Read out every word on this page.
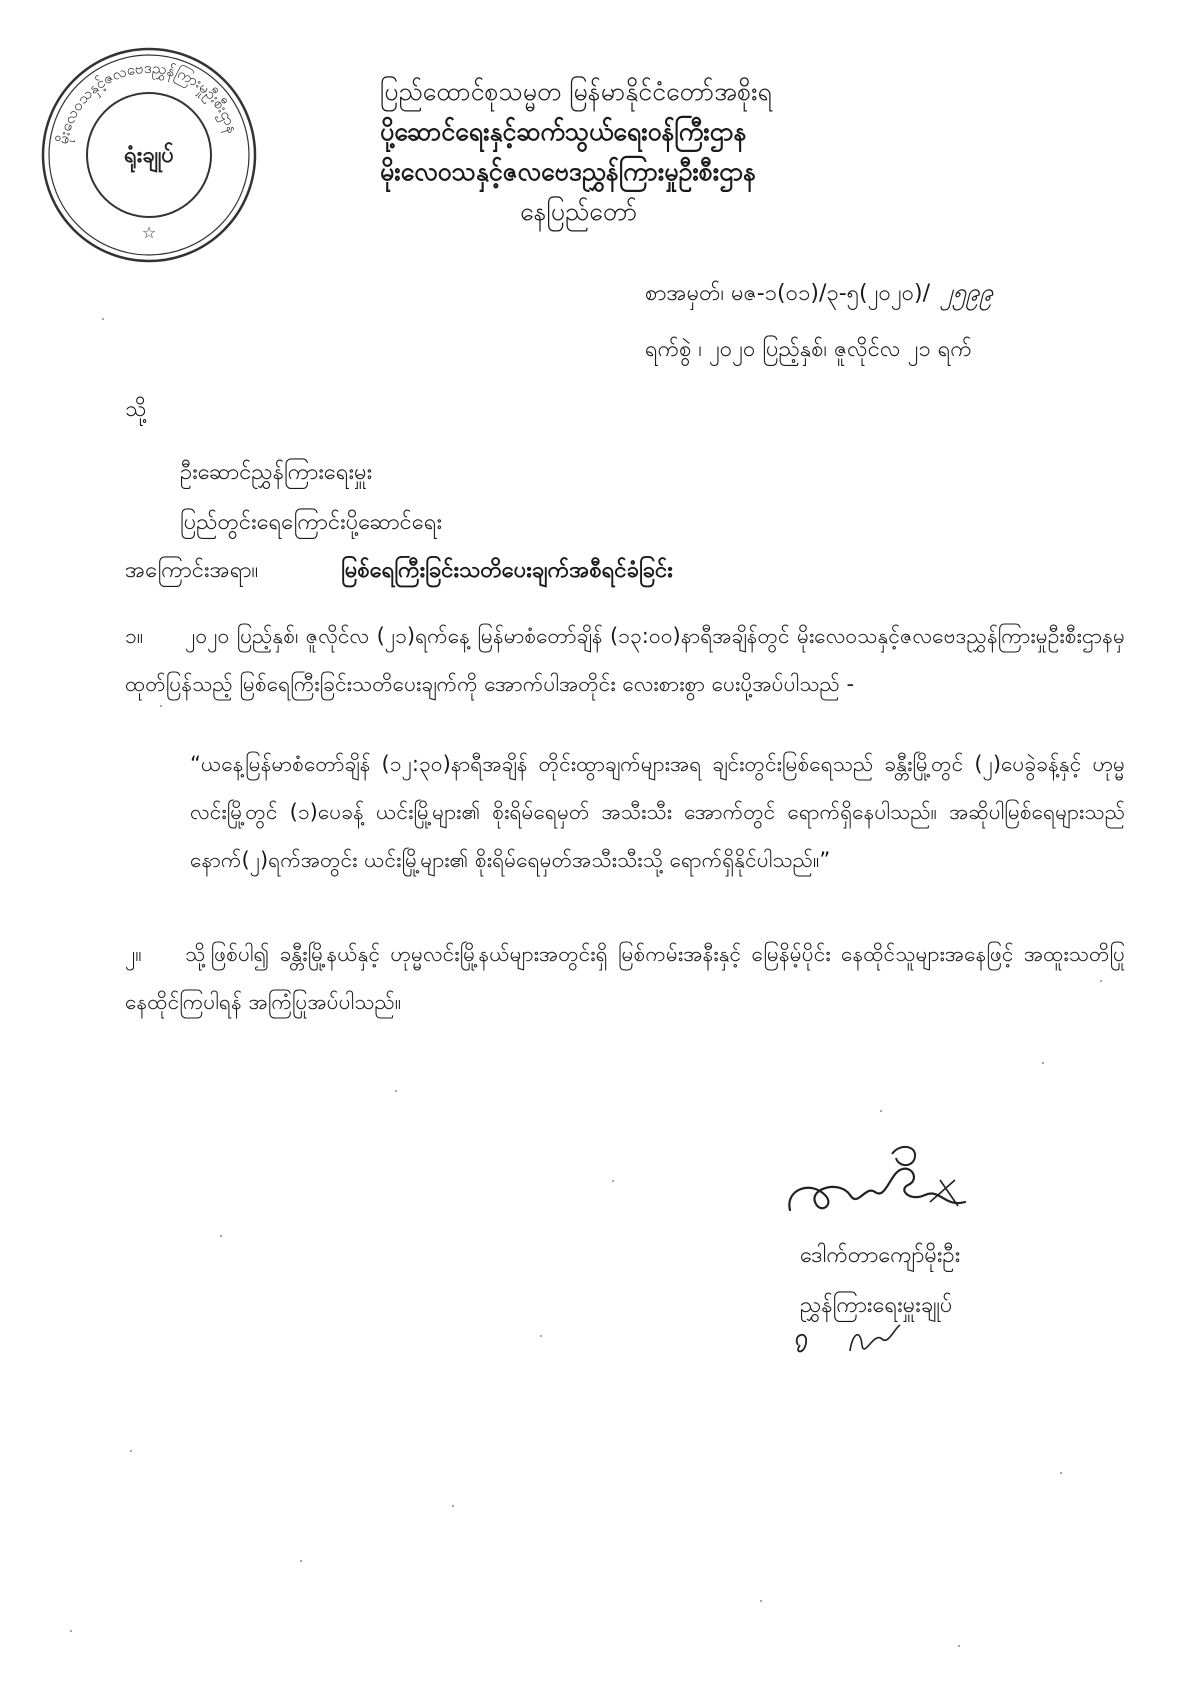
မိုးလေဝသနှင့်ဇလဗေဒညွှန်ကြားမှုဦးစီးဌာန
☆
ရုံးချုပ်
ပြည်ထောင်စုသမ္မတ မြန်မာနိုင်ငံတော်အစိုးရ
ပို့ဆောင်ရေးနှင့်ဆက်သွယ်ရေးဝန်ကြီးဌာန
မိုးလေဝသနှင့်ဇလဗေဒညွှန်ကြားမှုဦးစီးဌာန
နေပြည်တော်
စာအမှတ်၊ မဇ-၁(၀၁)/၃-၅(၂၀၂၀)/ ၂၅၉၉
ရက်စွဲ ၊ ၂၀၂၀ ပြည့်နှစ်၊ ဇူလိုင်လ ၂၁ ရက်
သို့
ဦးဆောင်ညွှန်ကြားရေးမှူး
ပြည်တွင်းရေကြောင်းပို့ဆောင်ရေး
အကြောင်းအရာ။	မြစ်ရေကြီးခြင်းသတိပေးချက်အစီရင်ခံခြင်း
၁။ ၂၀၂၀ ပြည့်နှစ်၊ ဇူလိုင်လ (၂၁)ရက်နေ့ မြန်မာစံတော်ချိန် (၁၃:၀၀)နာရီအချိန်တွင် မိုးလေဝသနှင့်ဇလဗေဒညွှန်ကြားမှုဦးစီးဌာနမှ ထုတ်ပြန်သည့် မြစ်ရေကြီးခြင်းသတိပေးချက်ကို အောက်ပါအတိုင်း လေးစားစွာ ပေးပို့အပ်ပါသည် -
“ယနေ့မြန်မာစံတော်ချိန် (၁၂:၃၀)နာရီအချိန် တိုင်းထွာချက်များအရ ချင်းတွင်းမြစ်ရေသည် ခန္တီးမြို့တွင် (၂)ပေခွဲခန့်နှင့် ဟုမ္မလင်းမြို့တွင် (၁)ပေခန့် ယင်းမြို့များ၏ စိုးရိမ်ရေမှတ် အသီးသီး အောက်တွင် ရောက်ရှိနေပါသည်။ အဆိုပါမြစ်ရေများသည် နောက်(၂)ရက်အတွင်း ယင်းမြို့များ၏ စိုးရိမ်ရေမှတ်အသီးသီးသို့ ရောက်ရှိနိုင်ပါသည်။”
၂။ သို့ဖြစ်ပါ၍ ခန္တီးမြို့နယ်နှင့် ဟုမ္မလင်းမြို့နယ်များအတွင်းရှိ မြစ်ကမ်းအနီးနှင့် မြေနိမ့်ပိုင်း နေထိုင်သူများအနေဖြင့် အထူးသတိပြု နေထိုင်ကြပါရန် အကြံပြုအပ်ပါသည်။
ဒေါက်တာကျော်မိုးဦး
ညွှန်ကြားရေးမှူးချုပ်
